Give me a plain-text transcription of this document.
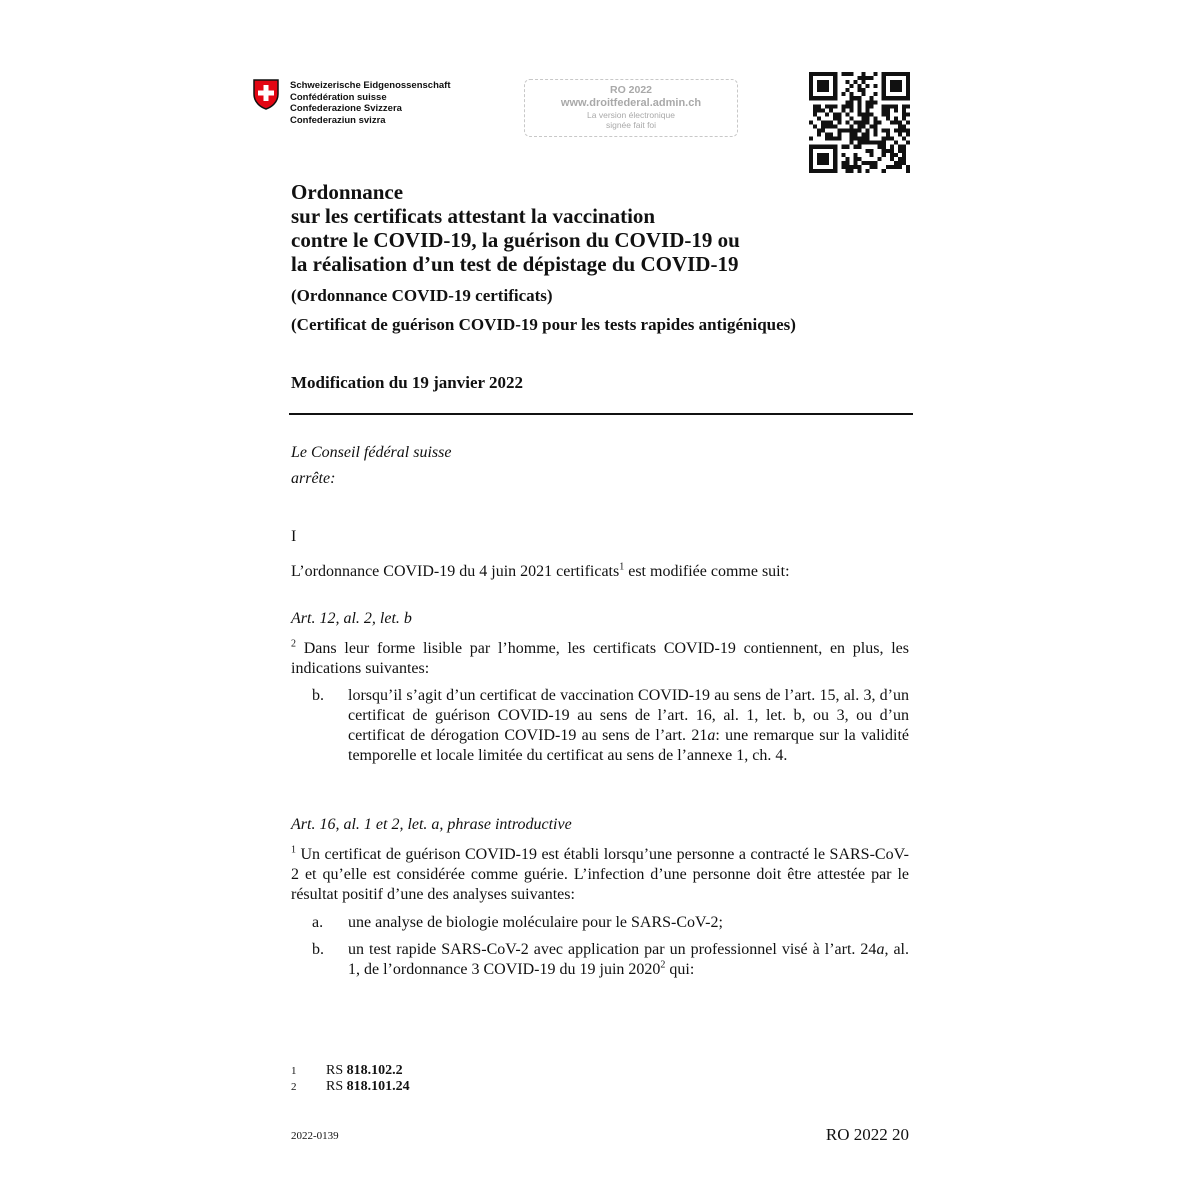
Schweizerische Eidgenossenschaft
Confédération suisse
Confederazione Svizzera
Confederaziun svizra
RO 2022
www.droitfederal.admin.ch
La version électronique
signée fait foi
Ordonnance
sur les certificats attestant la vaccination
contre le COVID-19, la guérison du COVID-19 ou
la réalisation d’un test de dépistage du COVID-19
(Ordonnance COVID-19 certificats)
(Certificat de guérison COVID-19 pour les tests rapides antigéniques)
Modification du 19 janvier 2022
Le Conseil fédéral suisse
arrête:
I
L’ordonnance COVID-19 du 4 juin 2021 certificats$^1$ est modifiée comme suit:
Art. 12, al. 2, let. b
$^2$ Dans leur forme lisible par l’homme, les certificats COVID-19 contiennent, en plus, les indications suivantes:
b. lorsqu’il s’agit d’un certificat de vaccination COVID-19 au sens de l’art. 15, al. 3, d’un certificat de guérison COVID-19 au sens de l’art. 16, al. 1, let. b, ou 3, ou d’un certificat de dérogation COVID-19 au sens de l’art. 21a: une remarque sur la validité temporelle et locale limitée du certificat au sens de l’annexe 1, ch. 4.
Art. 16, al. 1 et 2, let. a, phrase introductive
$^1$ Un certificat de guérison COVID-19 est établi lorsqu’une personne a contracté le SARS-CoV-2 et qu’elle est considérée comme guérie. L’infection d’une personne doit être attestée par le résultat positif d’une des analyses suivantes:
a. une analyse de biologie moléculaire pour le SARS-CoV-2;
b. un test rapide SARS-CoV-2 avec application par un professionnel visé à l’art. 24a, al. 1, de l’ordonnance 3 COVID-19 du 19 juin 2020$^2$ qui:
1	RS 818.102.2
2	RS 818.101.24
2022-0139	RO 2022 20
